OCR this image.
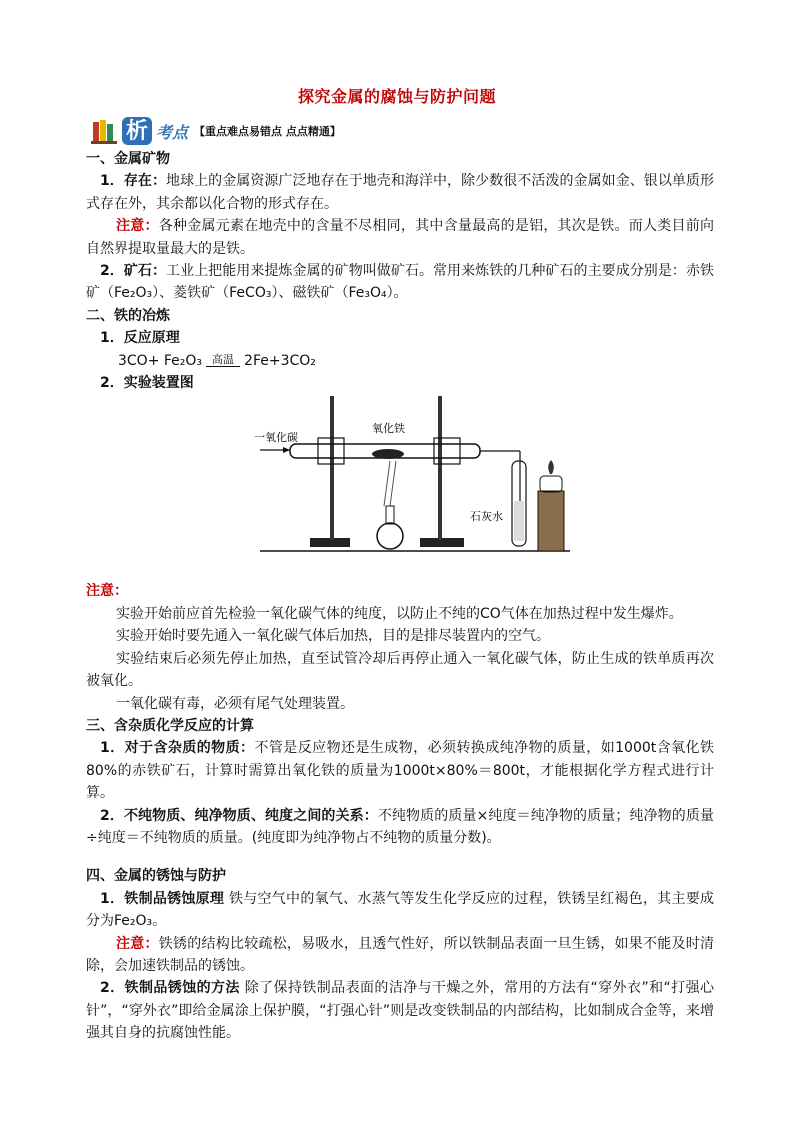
探究金属的腐蚀与防护问题
析 考点 【重点难点易错点 点点精通】

一、金属矿物

1．存在：地球上的金属资源广泛地存在于地壳和海洋中，除少数很不活泼的金属如金、银以单质形式存在外，其余都以化合物的形式存在。

注意：各种金属元素在地壳中的含量不尽相同，其中含量最高的是铝，其次是铁。而人类目前向自然界提取量最大的是铁。

2．矿石：工业上把能用来提炼金属的矿物叫做矿石。常用来炼铁的几种矿石的主要成分别是：赤铁矿（Fe₂O₃）、菱铁矿（FeCO₃）、磁铁矿（Fe₃O₄）。

二、铁的冶炼

1．反应原理

3CO+ Fe₂O₃ 高温 2Fe+3CO₂

2．实验装置图

注意：

实验开始前应首先检验一氧化碳气体的纯度，以防止不纯的CO气体在加热过程中发生爆炸。

实验开始时要先通入一氧化碳气体后加热，目的是排尽装置内的空气。

实验结束后必须先停止加热，直至试管冷却后再停止通入一氧化碳气体，防止生成的铁单质再次被氧化。

一氧化碳有毒，必须有尾气处理装置。

三、含杂质化学反应的计算

1．对于含杂质的物质：不管是反应物还是生成物，必须转换成纯净物的质量，如1000t含氧化铁80%的赤铁矿石，计算时需算出氧化铁的质量为1000t×80%＝800t，才能根据化学方程式进行计算。

2．不纯物质、纯净物质、纯度之间的关系：不纯物质的质量×纯度＝纯净物的质量；纯净物的质量÷纯度＝不纯物质的质量。(纯度即为纯净物占不纯物的质量分数)。

四、金属的锈蚀与防护

1．铁制品锈蚀原理 铁与空气中的氧气、水蒸气等发生化学反应的过程，铁锈呈红褐色，其主要成分为Fe₂O₃。

注意：铁锈的结构比较疏松，易吸水，且透气性好，所以铁制品表面一旦生锈，如果不能及时清除，会加速铁制品的锈蚀。

2．铁制品锈蚀的方法 除了保持铁制品表面的洁净与干燥之外，常用的方法有“穿外衣”和“打强心针”，“穿外衣”即给金属涂上保护膜，“打强心针”则是改变铁制品的内部结构，比如制成合金等，来增强其自身的抗腐蚀性能。

一氧化碳
氧化铁
石灰水
